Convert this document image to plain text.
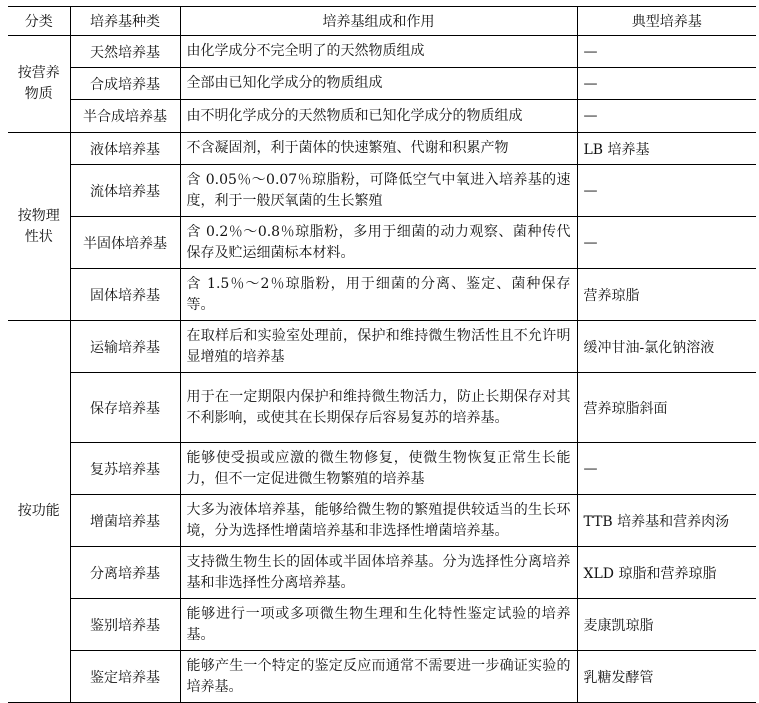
分类	培养基种类	培养基组成和作用	典型培养基
按营养物质	天然培养基	由化学成分不完全明了的天然物质组成	—
	合成培养基	全部由已知化学成分的物质组成	—
	半合成培养基	由不明化学成分的天然物质和已知化学成分的物质组成	—
按物理性状	液体培养基	不含凝固剂，利于菌体的快速繁殖、代谢和积累产物	LB 培养基
	流体培养基	含 0.05％～0.07％琼脂粉，可降低空气中氧进入培养基的速度，利于一般厌氧菌的生长繁殖	—
	半固体培养基	含 0.2％～0.8％琼脂粉，多用于细菌的动力观察、菌种传代保存及贮运细菌标本材料。	—
	固体培养基	含 1.5％～2％琼脂粉，用于细菌的分离、鉴定、菌种保存等。	营养琼脂
按功能	运输培养基	在取样后和实验室处理前，保护和维持微生物活性且不允许明显增殖的培养基	缓冲甘油-氯化钠溶液
	保存培养基	用于在一定期限内保护和维持微生物活力，防止长期保存对其不利影响，或使其在长期保存后容易复苏的培养基。	营养琼脂斜面
	复苏培养基	能够使受损或应激的微生物修复，使微生物恢复正常生长能力，但不一定促进微生物繁殖的培养基	—
	增菌培养基	大多为液体培养基，能够给微生物的繁殖提供较适当的生长环境，分为选择性增菌培养基和非选择性增菌培养基。	TTB 培养基和营养肉汤
	分离培养基	支持微生物生长的固体或半固体培养基。分为选择性分离培养基和非选择性分离培养基。	XLD 琼脂和营养琼脂
	鉴别培养基	能够进行一项或多项微生物生理和生化特性鉴定试验的培养基。	麦康凯琼脂
	鉴定培养基	能够产生一个特定的鉴定反应而通常不需要进一步确证实验的培养基。	乳糖发酵管
